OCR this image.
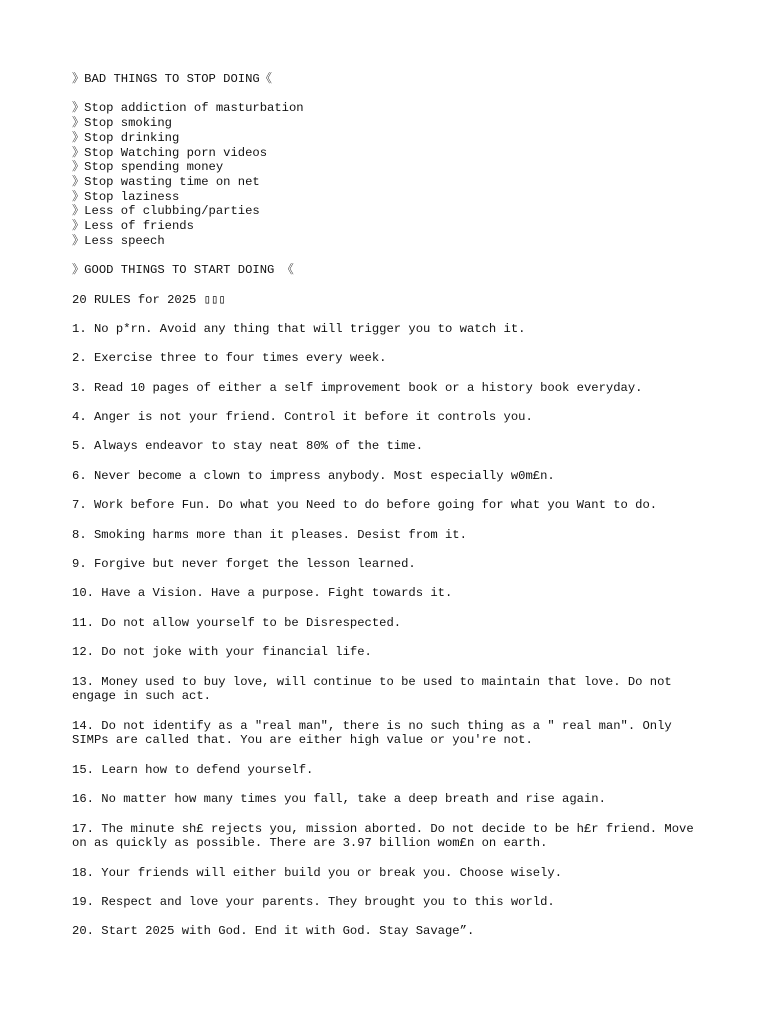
》BAD THINGS TO STOP DOING《
》Stop addiction of masturbation
》Stop smoking
》Stop drinking
》Stop Watching porn videos
》Stop spending money
》Stop wasting time on net
》Stop laziness
》Less of clubbing/parties
》Less of friends
》Less speech
》GOOD THINGS TO START DOING 《
20 RULES for 2025 ▯▯▯

1. No p*rn. Avoid any thing that will trigger you to watch it.

2. Exercise three to four times every week.

3. Read 10 pages of either a self improvement book or a history book everyday.

4. Anger is not your friend. Control it before it controls you.

5. Always endeavor to stay neat 80% of the time.

6. Never become a clown to impress anybody. Most especially w0m£n.

7. Work before Fun. Do what you Need to do before going for what you Want to do.

8. Smoking harms more than it pleases. Desist from it.

9. Forgive but never forget the lesson learned.

10. Have a Vision. Have a purpose. Fight towards it.

11. Do not allow yourself to be Disrespected.

12. Do not joke with your financial life.

13. Money used to buy love, will continue to be used to maintain that love. Do not engage in such act.

14. Do not identify as a "real man", there is no such thing as a " real man". Only SIMPs are called that. You are either high value or you're not.

15. Learn how to defend yourself.

16. No matter how many times you fall, take a deep breath and rise again.

17. The minute sh£ rejects you, mission aborted. Do not decide to be h£r friend. Move on as quickly as possible. There are 3.97 billion wom£n on earth.

18. Your friends will either build you or break you. Choose wisely.

19. Respect and love your parents. They brought you to this world.

20. Start 2025 with God. End it with God. Stay Savage”.
